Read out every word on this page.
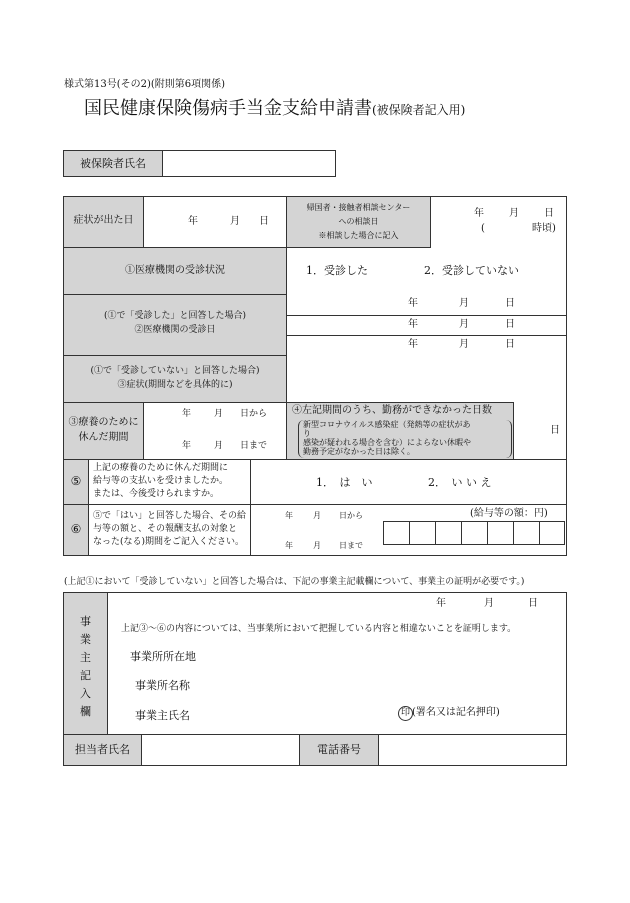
様式第13号(その2)(附則第6項関係)
国民健康保険傷病手当金支給申請書(被保険者記入用)
被保険者氏名
症状が出た日	年	月 日
帰国者・接触者相談センター
への相談日
※相談した場合に記入
年	月	日
(	時頃)
①医療機関の受診状況	1．受診した	2．受診していない
(①で「受診した」と回答した場合)
②医療機関の受診日
年	月	日
年	月	日
年	月	日
(①で「受診していない」と回答した場合)
③症状(期間などを具体的に)
③療養のために
休んだ期間
年	月 日から
年	月 日まで
④左記期間のうち、勤務ができなかった日数
新型コロナウイルス感染症（発熱等の症状があ
り
感染が疑われる場合を含む）によらない休暇や
勤務予定がなかった日は除く。
日
⑤
上記の療養のために休んだ期間に
給与等の支払いを受けましたか。
または、今後受けられますか。
1．　は　い	2．　い い え
⑥
⑤で「はい」と回答した場合、その給
与等の額と、その報酬支払の対象と
なった(なる)期間をご記入ください。
年	月 日から
年	月 日まで
(給与等の額：円)
(上記①において「受診していない」と回答した場合は、下記の事業主記載欄について、事業主の証明が必要です。)
事
業
主
記
入
欄
年	月	日
上記③～⑥の内容については、当事業所において把握している内容と相違ないことを証明します。
事業所所在地
事業所名称
事業主氏名	印 (署名又は記名押印)
担当者氏名	電話番号
